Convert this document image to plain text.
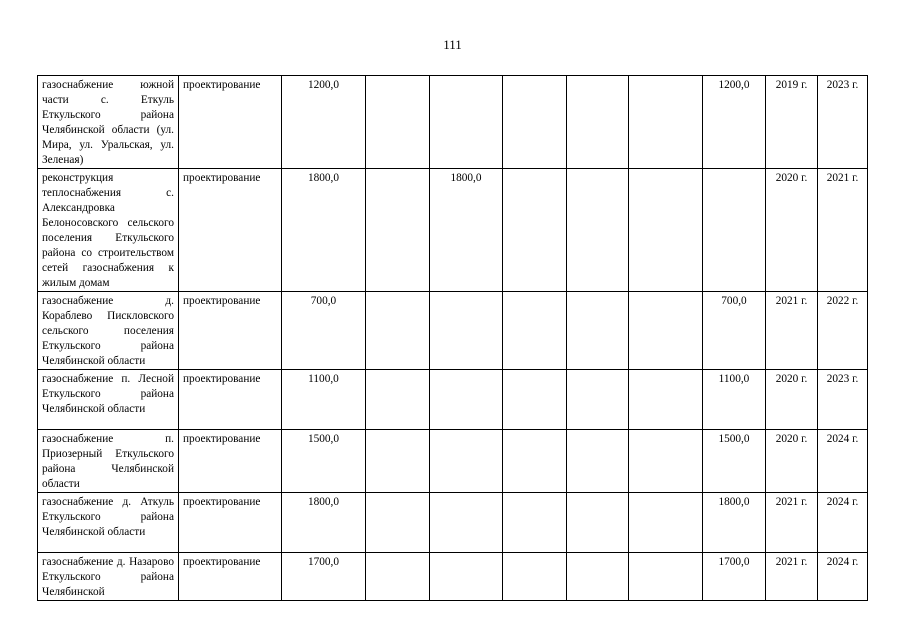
111
газоснабжение южной части с. Еткуль Еткульского района Челябинской области (ул. Мира, ул. Уральская, ул. Зеленая)	проектирование	1200,0						1200,0	2019 г.	2023 г.
реконструкция теплоснабжения с. Александровка Белоносовского сельского поселения Еткульского района со строительством сетей газоснабжения к жилым домам	проектирование	1800,0		1800,0					2020 г.	2021 г.
газоснабжение д. Кораблево Пискловского сельского поселения Еткульского района Челябинской области	проектирование	700,0						700,0	2021 г.	2022 г.
газоснабжение п. Лесной Еткульского района Челябинской области	проектирование	1100,0						1100,0	2020 г.	2023 г.
газоснабжение п. Приозерный Еткульского района Челябинской области	проектирование	1500,0						1500,0	2020 г.	2024 г.
газоснабжение д. Аткуль Еткульского района Челябинской области	проектирование	1800,0						1800,0	2021 г.	2024 г.
газоснабжение д. Назарово Еткульского района Челябинской	проектирование	1700,0						1700,0	2021 г.	2024 г.
